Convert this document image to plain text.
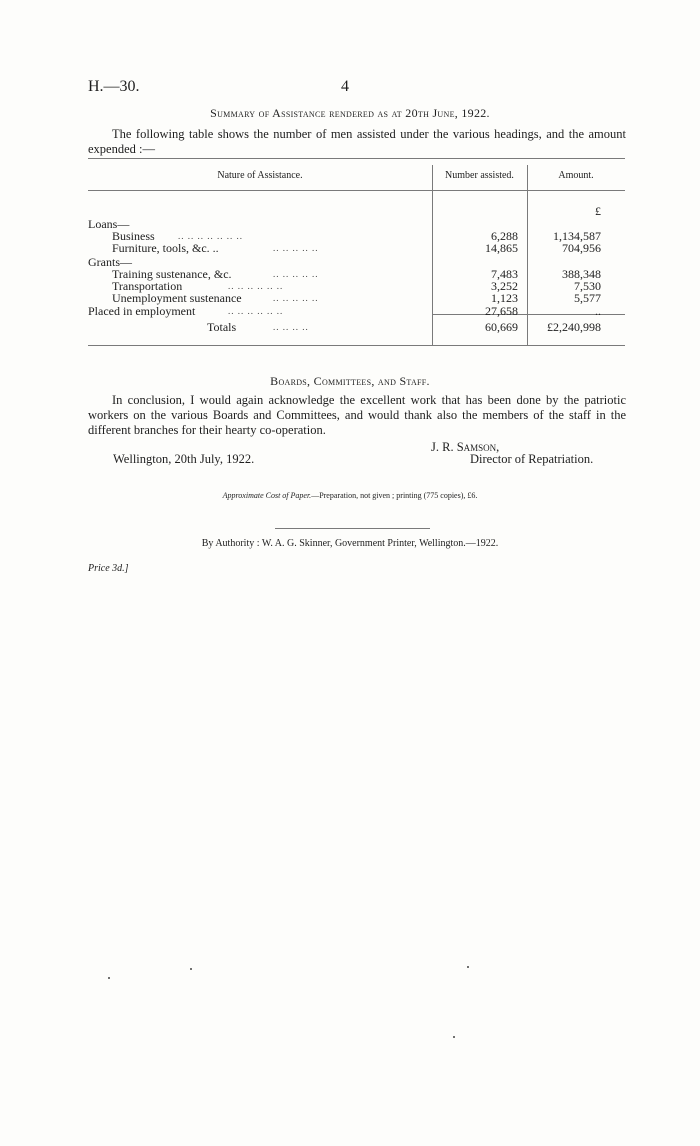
H.—30.	4
Summary of Assistance rendered as at 20th June, 1922.
The following table shows the number of men assisted under the various headings, and the amount expended :—
Nature of Assistance.	Number assisted.	Amount.
£
Loans—
Business	.. .. .. .. .. .. ..	6,288	1,134,587
Furniture, tools, &c. ..	.. .. .. .. ..	14,865	704,956
Grants—
Training sustenance, &c.	.. .. .. .. ..	7,483	388,348
Transportation	.. .. .. .. .. ..	3,252	7,530
Unemployment sustenance	.. .. .. .. ..	1,123	5,577
Placed in employment	.. .. .. .. .. ..	27,658	..
Totals	.. .. .. ..	60,669	£2,240,998
Boards, Committees, and Staff.
In conclusion, I would again acknowledge the excellent work that has been done by the patriotic workers on the various Boards and Committees, and would thank also the members of the staff in the different branches for their hearty co-operation.
J. R. Samson,
Wellington, 20th July, 1922.	Director of Repatriation.
Approximate Cost of Paper.—Preparation, not given ; printing (775 copies), £6.
By Authority : W. A. G. Skinner, Government Printer, Wellington.—1922.
Price 3d.]
